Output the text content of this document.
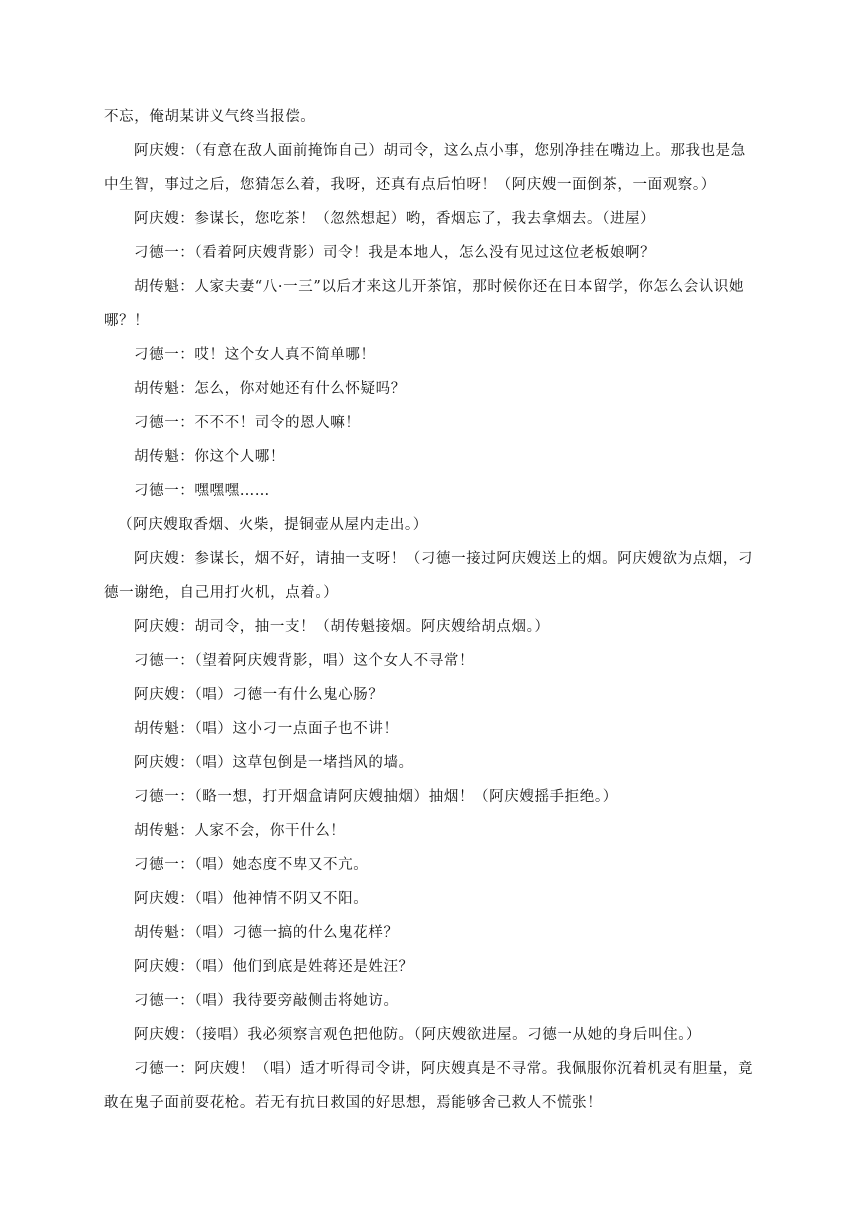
不忘，俺胡某讲义气终当报偿。

阿庆嫂：（有意在敌人面前掩饰自己）胡司令，这么点小事，您别净挂在嘴边上。那我也是急中生智，事过之后，您猜怎么着，我呀，还真有点后怕呀！（阿庆嫂一面倒茶，一面观察。）

阿庆嫂：参谋长，您吃茶！（忽然想起）哟，香烟忘了，我去拿烟去。（进屋）

刁德一：（看着阿庆嫂背影）司令！我是本地人，怎么没有见过这位老板娘啊？

胡传魁：人家夫妻“八·一三”以后才来这儿开茶馆，那时候你还在日本留学，你怎么会认识她哪？！

刁德一：哎！这个女人真不简单哪！

胡传魁：怎么，你对她还有什么怀疑吗？

刁德一：不不不！司令的恩人嘛！

胡传魁：你这个人哪！

刁德一：嘿嘿嘿……

（阿庆嫂取香烟、火柴，提铜壶从屋内走出。）

阿庆嫂：参谋长，烟不好，请抽一支呀！（刁德一接过阿庆嫂送上的烟。阿庆嫂欲为点烟，刁德一谢绝，自己用打火机，点着。）

阿庆嫂：胡司令，抽一支！（胡传魁接烟。阿庆嫂给胡点烟。）

刁德一：（望着阿庆嫂背影，唱）这个女人不寻常！

阿庆嫂：（唱）刁德一有什么鬼心肠？

胡传魁：（唱）这小刁一点面子也不讲！

阿庆嫂：（唱）这草包倒是一堵挡风的墙。

刁德一：（略一想，打开烟盒请阿庆嫂抽烟）抽烟！（阿庆嫂摇手拒绝。）

胡传魁：人家不会，你干什么！

刁德一：（唱）她态度不卑又不亢。

阿庆嫂：（唱）他神情不阴又不阳。

胡传魁：（唱）刁德一搞的什么鬼花样？

阿庆嫂：（唱）他们到底是姓蒋还是姓汪？

刁德一：（唱）我待要旁敲侧击将她访。

阿庆嫂：（接唱）我必须察言观色把他防。（阿庆嫂欲进屋。刁德一从她的身后叫住。）

刁德一：阿庆嫂！（唱）适才听得司令讲，阿庆嫂真是不寻常。我佩服你沉着机灵有胆量，竟敢在鬼子面前耍花枪。若无有抗日救国的好思想，焉能够舍己救人不慌张！
